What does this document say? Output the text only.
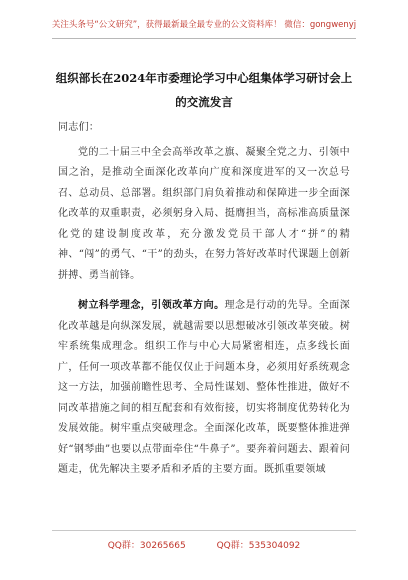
关注头条号“公文研究”，获得最新最全最专业的公文资料库！ 微信：gongwenyj
组织部长在2024年市委理论学习中心组集体学习研讨会上
的交流发言

同志们：

党的二十届三中全会高举改革之旗、凝聚全党之力、引领中国之治，是推动全面深化改革向广度和深度进军的又一次总号召、总动员、总部署。组织部门肩负着推动和保障进一步全面深化改革的双重职责，必须躬身入局、挺膺担当，高标准高质量深化党的建设制度改革，充分激发党员干部人才“拼”的精神、“闯”的勇气、“干”的劲头，在努力答好改革时代课题上创新拼搏、勇当前锋。

树立科学理念，引领改革方向。理念是行动的先导。全面深化改革越是向纵深发展，就越需要以思想破冰引领改革突破。树牢系统集成理念。组织工作与中心大局紧密相连，点多线长面广，任何一项改革都不能仅仅止于问题本身，必须用好系统观念这一方法，加强前瞻性思考、全局性谋划、整体性推进，做好不同改革措施之间的相互配套和有效衔接，切实将制度优势转化为发展效能。树牢重点突破理念。全面深化改革，既要整体推进弹好“钢琴曲”也要以点带面牵住“牛鼻子”。要奔着问题去、跟着问题走，优先解决主要矛盾和矛盾的主要方面。既抓重要领域

QQ群：30265665	QQ群：535304092
